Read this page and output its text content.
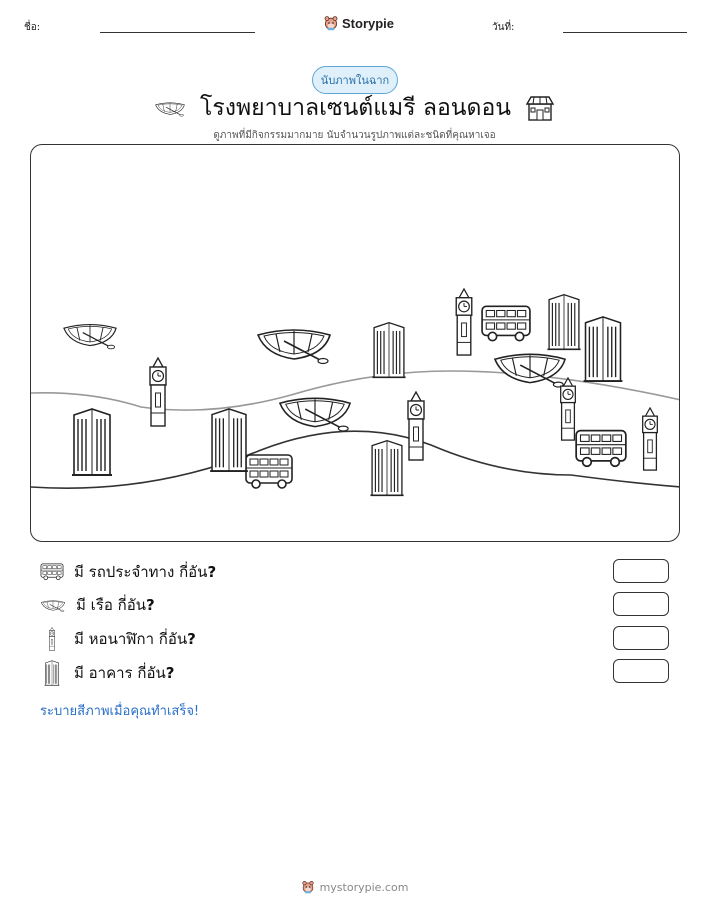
ชื่อ:	Storypie	วันที่:
นับภาพในฉาก
โรงพยาบาลเซนต์แมรี ลอนดอน
ดูภาพที่มีกิจกรรมมากมาย นับจำนวนรูปภาพแต่ละชนิดที่คุณหาเจอ
มี รถประจำทาง กี่อัน?
มี เรือ กี่อัน?
มี หอนาฬิกา กี่อัน?
มี อาคาร กี่อัน?
ระบายสีภาพเมื่อคุณทำเสร็จ!
mystorypie.com
